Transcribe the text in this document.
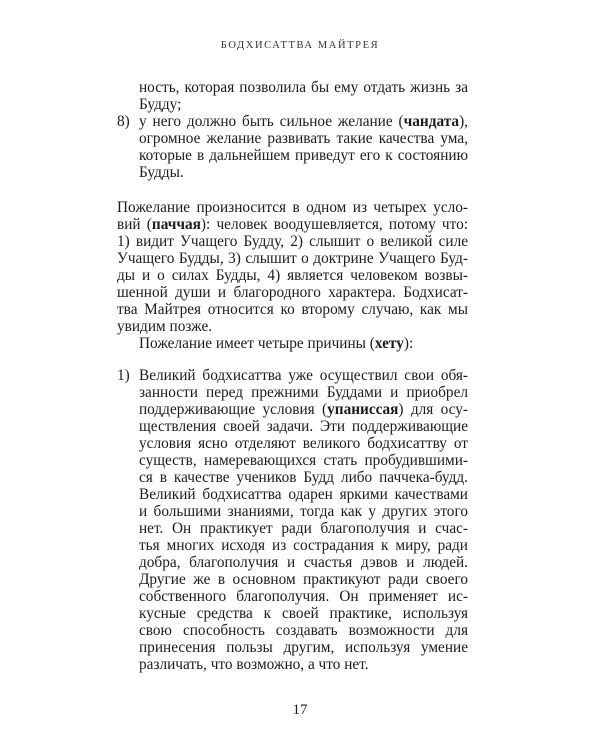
БОДХИСАТТВА МАЙТРЕЯ
ность, которая позволила бы ему отдать жизнь за
Будду;
8) у него должно быть сильное желание (чандата),
огромное желание развивать такие качества ума,
которые в дальнейшем приведут его к состоянию
Будды.
Пожелание произносится в одном из четырех усло-
вий (паччая): человек воодушевляется, потому что:
1) видит Учащего Будду, 2) слышит о великой силе
Учащего Будды, 3) слышит о доктрине Учащего Буд-
ды и о силах Будды, 4) является человеком возвы-
шенной души и благородного характера. Бодхисат-
тва Майтрея относится ко второму случаю, как мы
увидим позже.
Пожелание имеет четыре причины (хету):
1) Великий бодхисаттва уже осуществил свои обя-
занности перед прежними Буддами и приобрел
поддерживающие условия (упанисcая) для осу-
ществления своей задачи. Эти поддерживающие
условия ясно отделяют великого бодхисаттву от
существ, намеревающихся стать пробудившими-
ся в качестве учеников Будд либо паччека-будд.
Великий бодхисаттва одарен яркими качествами
и большими знаниями, тогда как у других этого
нет. Он практикует ради благополучия и счас-
тья многих исходя из сострадания к миру, ради
добра, благополучия и счастья дэвов и людей.
Другие же в основном практикуют ради своего
собственного благополучия. Он применяет ис-
кусные средства к своей практике, используя
свою способность создавать возможности для
принесения пользы другим, используя умение
различать, что возможно, а что нет.
17
